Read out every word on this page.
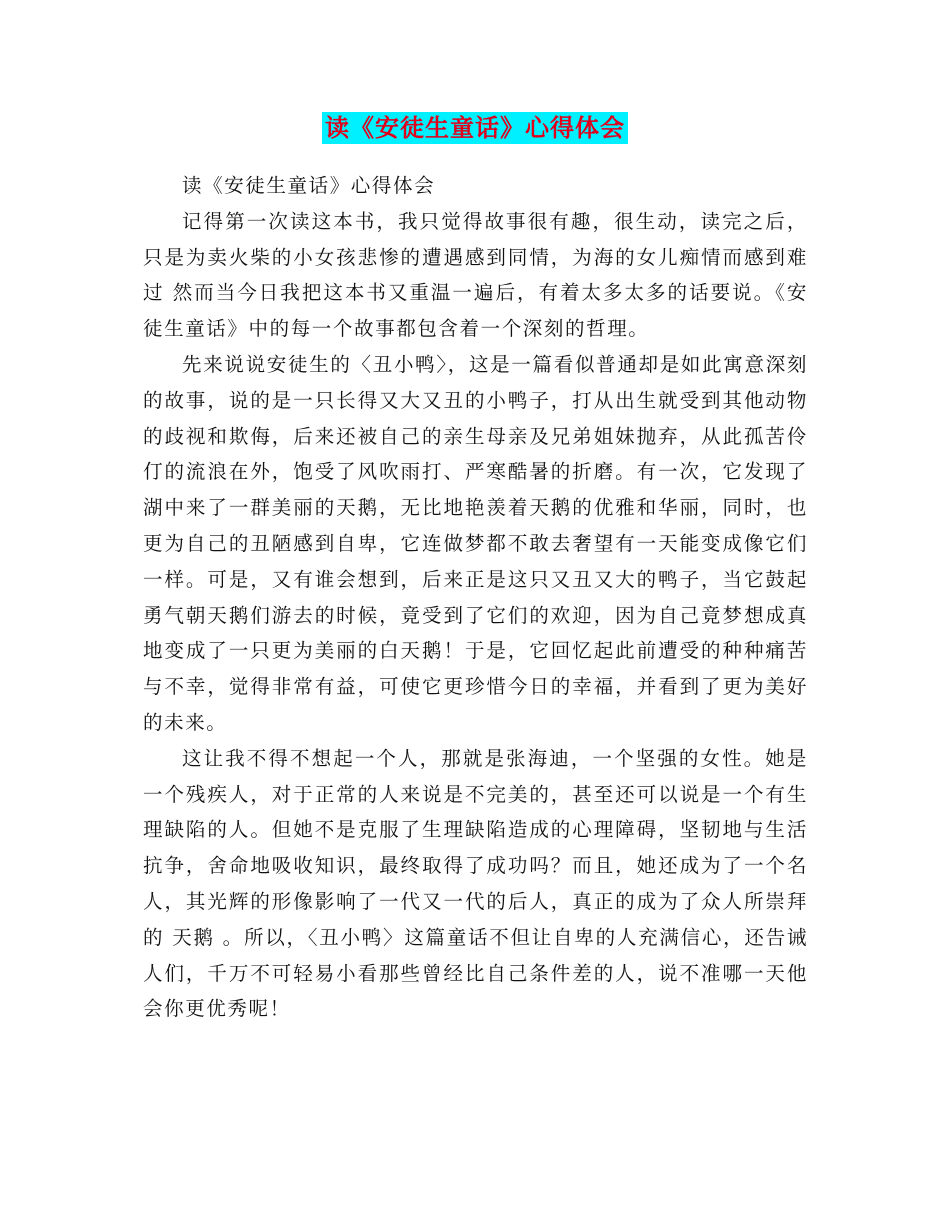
读《安徒生童话》心得体会

读《安徒生童话》心得体会

记得第一次读这本书，我只觉得故事很有趣，很生动，读完之后，只是为卖火柴的小女孩悲惨的遭遇感到同情，为海的女儿痴情而感到难过 然而当今日我把这本书又重温一遍后，有着太多太多的话要说。《安徒生童话》中的每一个故事都包含着一个深刻的哲理。

先来说说安徒生的〈丑小鸭〉，这是一篇看似普通却是如此寓意深刻的故事，说的是一只长得又大又丑的小鸭子，打从出生就受到其他动物的歧视和欺侮，后来还被自己的亲生母亲及兄弟姐妹抛弃，从此孤苦伶仃的流浪在外，饱受了风吹雨打、严寒酷暑的折磨。有一次，它发现了湖中来了一群美丽的天鹅，无比地艳羡着天鹅的优雅和华丽，同时，也更为自己的丑陋感到自卑，它连做梦都不敢去奢望有一天能变成像它们一样。可是，又有谁会想到，后来正是这只又丑又大的鸭子，当它鼓起勇气朝天鹅们游去的时候，竟受到了它们的欢迎，因为自己竟梦想成真地变成了一只更为美丽的白天鹅！于是，它回忆起此前遭受的种种痛苦与不幸，觉得非常有益，可使它更珍惜今日的幸福，并看到了更为美好的未来。

这让我不得不想起一个人，那就是张海迪，一个坚强的女性。她是一个残疾人，对于正常的人来说是不完美的，甚至还可以说是一个有生理缺陷的人。但她不是克服了生理缺陷造成的心理障碍，坚韧地与生活抗争，舍命地吸收知识，最终取得了成功吗？而且，她还成为了一个名人，其光辉的形像影响了一代又一代的后人，真正的成为了众人所崇拜的 天鹅 。所以，〈丑小鸭〉这篇童话不但让自卑的人充满信心，还告诫人们，千万不可轻易小看那些曾经比自己条件差的人，说不准哪一天他会你更优秀呢！
